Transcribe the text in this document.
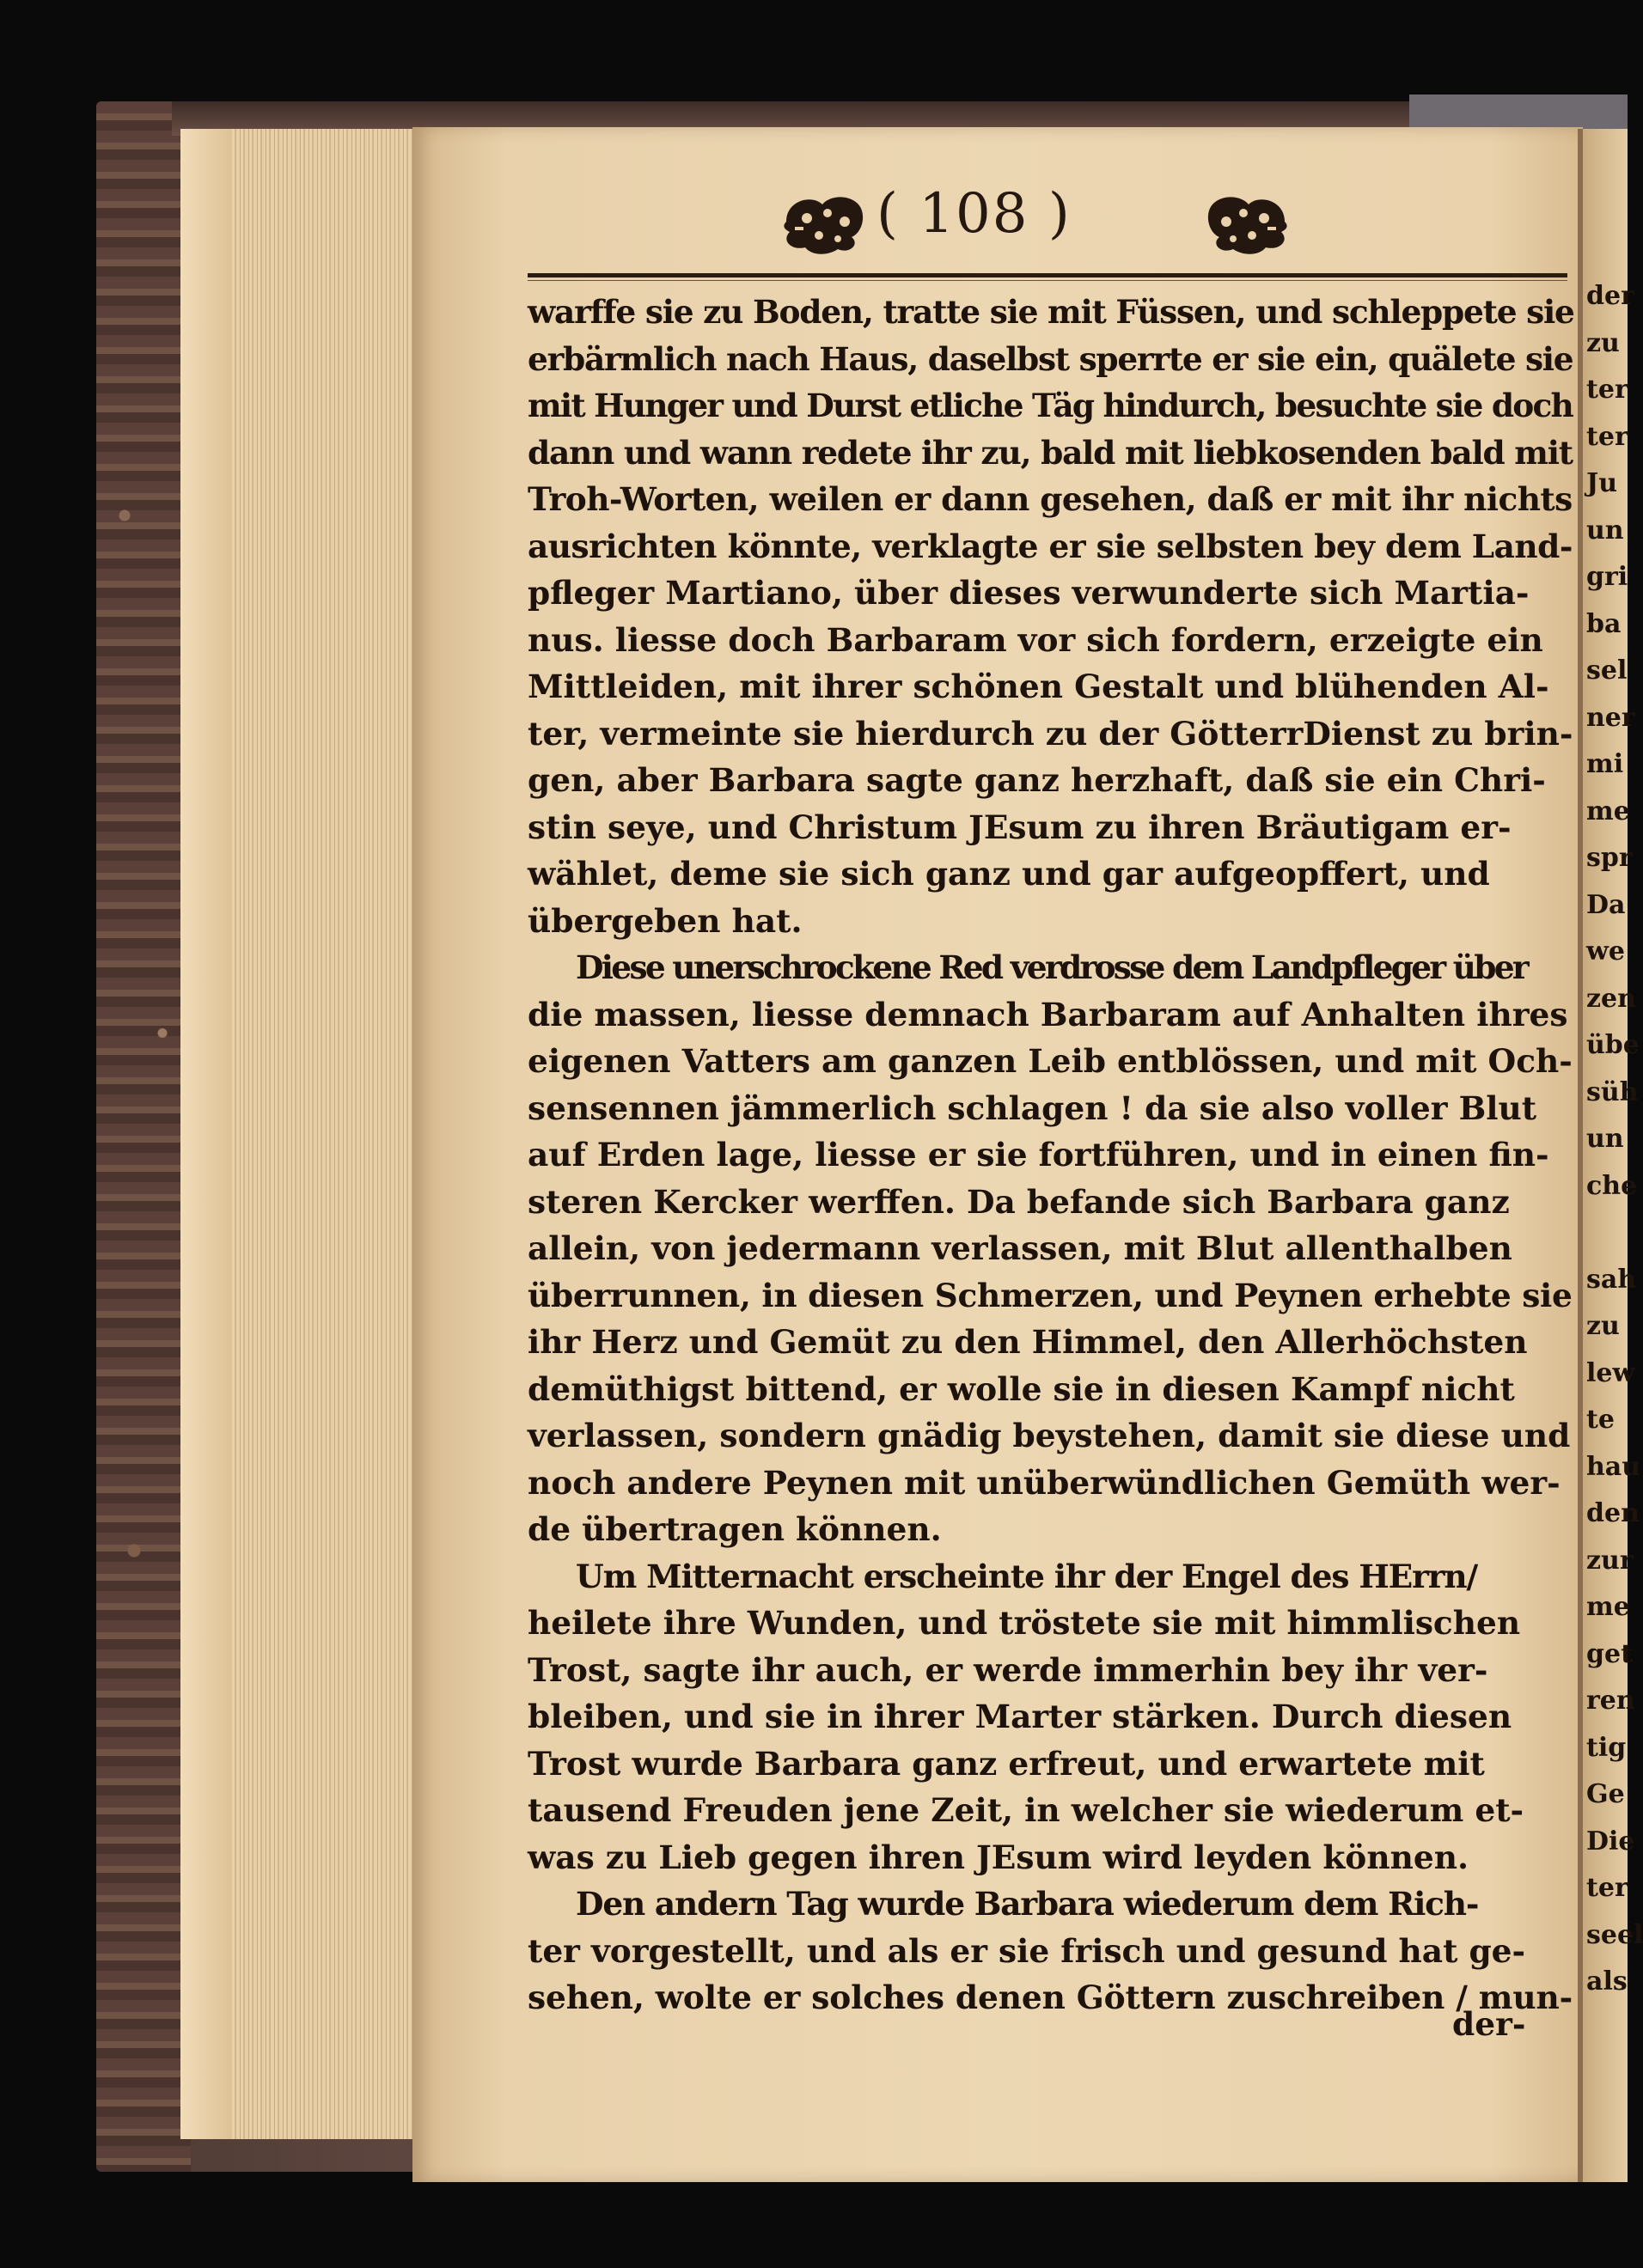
( 108 )
warffe sie zu Boden, tratte sie mit Füssen, und schleppete sie
erbärmlich nach Haus, daselbst sperrte er sie ein, quälete sie
mit Hunger und Durst etliche Täg hindurch, besuchte sie doch
dann und wann redete ihr zu, bald mit liebkosenden bald mit
Troh-Worten, weilen er dann gesehen, daß er mit ihr nichts
ausrichten könnte, verklagte er sie selbsten bey dem Land-
pfleger Martiano, über dieses verwunderte sich Martia-
nus. liesse doch Barbaram vor sich fordern, erzeigte ein
Mittleiden, mit ihrer schönen Gestalt und blühenden Al-
ter, vermeinte sie hierdurch zu der GötterrDienst zu brin-
gen, aber Barbara sagte ganz herzhaft, daß sie ein Chri-
stin seye, und Christum JEsum zu ihren Bräutigam er-
wählet, deme sie sich ganz und gar aufgeopffert, und
übergeben hat.
Diese unerschrockene Red verdrosse dem Landpfleger über
die massen, liesse demnach Barbaram auf Anhalten ihres
eigenen Vatters am ganzen Leib entblössen, und mit Och-
sensennen jämmerlich schlagen ! da sie also voller Blut
auf Erden lage, liesse er sie fortführen, und in einen fin-
steren Kercker werffen. Da befande sich Barbara ganz
allein, von jedermann verlassen, mit Blut allenthalben
überrunnen, in diesen Schmerzen, und Peynen erhebte sie
ihr Herz und Gemüt zu den Himmel, den Allerhöchsten
demüthigst bittend, er wolle sie in diesen Kampf nicht
verlassen, sondern gnädig beystehen, damit sie diese und
noch andere Peynen mit unüberwündlichen Gemüth wer-
de übertragen können.
Um Mitternacht erscheinte ihr der Engel des HErrn/
heilete ihre Wunden, und tröstete sie mit himmlischen
Trost, sagte ihr auch, er werde immerhin bey ihr ver-
bleiben, und sie in ihrer Marter stärken. Durch diesen
Trost wurde Barbara ganz erfreut, und erwartete mit
tausend Freuden jene Zeit, in welcher sie wiederum et-
was zu Lieb gegen ihren JEsum wird leyden können.
Den andern Tag wurde Barbara wiederum dem Rich-
ter vorgestellt, und als er sie frisch und gesund hat ge-
sehen, wolte er solches denen Göttern zuschreiben / mun-
der-
der
zu
ter
ter
Ju
un
gri
ba
sel
ner
mi
me
spr
Da
we
zen
übe
süh
un
che

sah
zu
lew
te
hau
den
zur
me
get
ren
tig
Ge
Die
ter
seel
als
